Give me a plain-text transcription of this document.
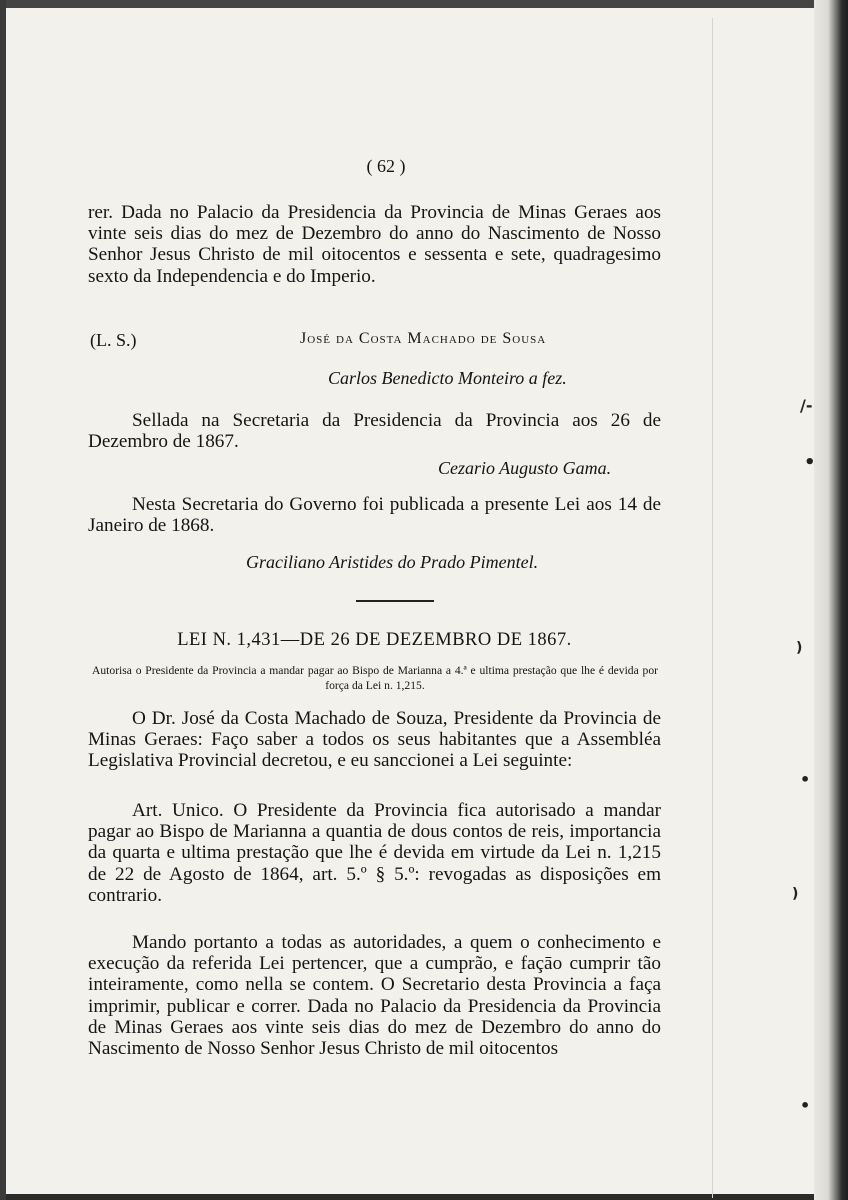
/-
•
)
•
)
•
( 62 )

rer. Dada no Palacio da Presidencia da Provincia de Minas Geraes aos vinte seis dias do mez de Dezembro do anno do Nascimento de Nosso Senhor Jesus Christo de mil oitocentos e sessenta e sete, quadragesimo sexto da Independencia e do Imperio.

(L. S.)	José da Costa Machado de Sousa
Carlos Benedicto Monteiro a fez.

Sellada na Secretaria da Presidencia da Provincia aos 26 de Dezembro de 1867.

Cezario Augusto Gama.

Nesta Secretaria do Governo foi publicada a presente Lei aos 14 de Janeiro de 1868.

Graciliano Aristides do Prado Pimentel.
LEI N. 1,431—DE 26 DE DEZEMBRO DE 1867.
Autorisa o Presidente da Provincia a mandar pagar ao Bispo de Marianna a 4.ª e ultima prestação que lhe é devida por força da Lei n. 1,215.

O Dr. José da Costa Machado de Souza, Presidente da Provincia de Minas Geraes: Faço saber a todos os seus habitantes que a Assembléa Legislativa Provincial decretou, e eu sanccionei a Lei seguinte:

Art. Unico. O Presidente da Provincia fica autorisado a mandar pagar ao Bispo de Marianna a quantia de dous contos de reis, importancia da quarta e ultima prestação que lhe é devida em virtude da Lei n. 1,215 de 22 de Agosto de 1864, art. 5.º § 5.º: revogadas as disposições em contrario.

Mando portanto a todas as autoridades, a quem o conhecimento e execução da referida Lei pertencer, que a cumprão, e façāo cumprir tão inteiramente, como nella se contem. O Secretario desta Provincia a faça imprimir, publicar e correr. Dada no Palacio da Presidencia da Provincia de Minas Geraes aos vinte seis dias do mez de Dezembro do anno do Nascimento de Nosso Senhor Jesus Christo de mil oitocentos
